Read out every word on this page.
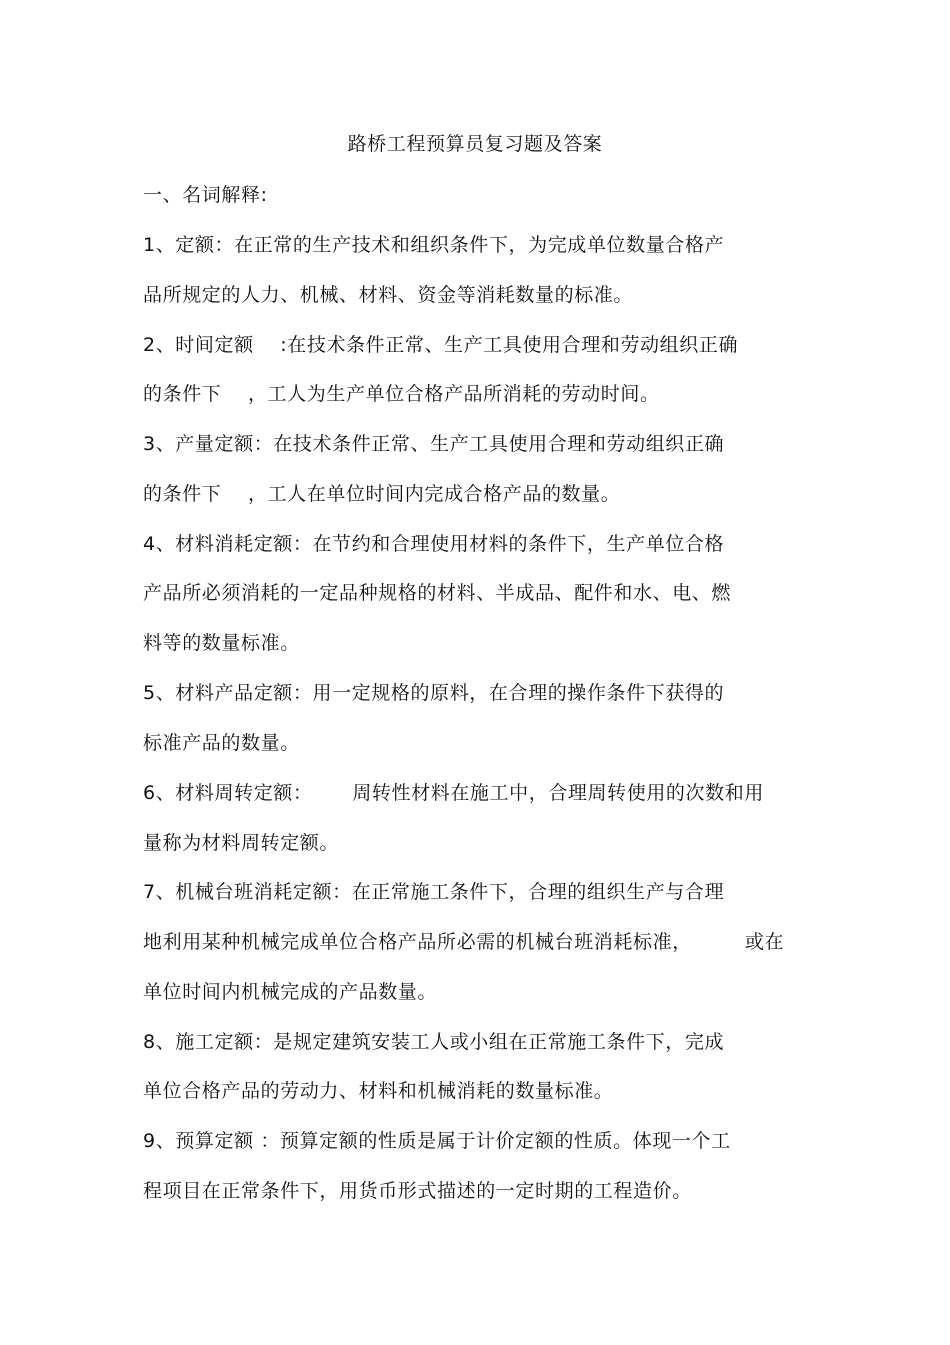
路桥工程预算员复习题及答案
一、名词解释:
1、定额：在正常的生产技术和组织条件下，为完成单位数量合格产
品所规定的人力、机械、材料、资金等消耗数量的标准。
2、时间定额    :在技术条件正常、生产工具使用合理和劳动组织正确
的条件下    ，工人为生产单位合格产品所消耗的劳动时间。
3、产量定额：在技术条件正常、生产工具使用合理和劳动组织正确
的条件下    ，工人在单位时间内完成合格产品的数量。
4、材料消耗定额：在节约和合理使用材料的条件下，生产单位合格
产品所必须消耗的一定品种规格的材料、半成品、配件和水、电、燃
料等的数量标准。
5、材料产品定额：用一定规格的原料，在合理的操作条件下获得的
标准产品的数量。
6、材料周转定额：      周转性材料在施工中，合理周转使用的次数和用
量称为材料周转定额。
7、机械台班消耗定额：在正常施工条件下，合理的组织生产与合理
地利用某种机械完成单位合格产品所必需的机械台班消耗标准，        或在
单位时间内机械完成的产品数量。
8、施工定额：是规定建筑安装工人或小组在正常施工条件下，完成
单位合格产品的劳动力、材料和机械消耗的数量标准。
9、预算定额 ：预算定额的性质是属于计价定额的性质。体现一个工
程项目在正常条件下，用货币形式描述的一定时期的工程造价。
